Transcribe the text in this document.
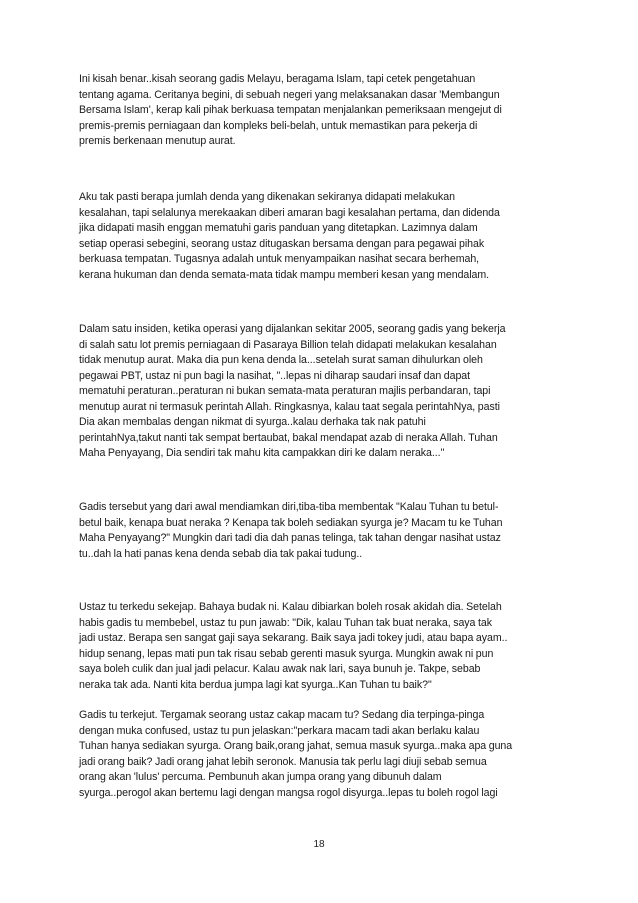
Ini kisah benar..kisah seorang gadis Melayu, beragama Islam, tapi cetek pengetahuan
tentang agama. Ceritanya begini, di sebuah negeri yang melaksanakan dasar 'Membangun
Bersama Islam', kerap kali pihak berkuasa tempatan menjalankan pemeriksaan mengejut di
premis-premis perniagaan dan kompleks beli-belah, untuk memastikan para pekerja di
premis berkenaan menutup aurat.

Aku tak pasti berapa jumlah denda yang dikenakan sekiranya didapati melakukan
kesalahan, tapi selalunya merekaakan diberi amaran bagi kesalahan pertama, dan didenda
jika didapati masih enggan mematuhi garis panduan yang ditetapkan. Lazimnya dalam
setiap operasi sebegini, seorang ustaz ditugaskan bersama dengan para pegawai pihak
berkuasa tempatan. Tugasnya adalah untuk menyampaikan nasihat secara berhemah,
kerana hukuman dan denda semata-mata tidak mampu memberi kesan yang mendalam.

Dalam satu insiden, ketika operasi yang dijalankan sekitar 2005, seorang gadis yang bekerja
di salah satu lot premis perniagaan di Pasaraya Billion telah didapati melakukan kesalahan
tidak menutup aurat. Maka dia pun kena denda la...setelah surat saman dihulurkan oleh
pegawai PBT, ustaz ni pun bagi la nasihat, "..lepas ni diharap saudari insaf dan dapat
mematuhi peraturan..peraturan ni bukan semata-mata peraturan majlis perbandaran, tapi
menutup aurat ni termasuk perintah Allah. Ringkasnya, kalau taat segala perintahNya, pasti
Dia akan membalas dengan nikmat di syurga..kalau derhaka tak nak patuhi
perintahNya,takut nanti tak sempat bertaubat, bakal mendapat azab di neraka Allah. Tuhan
Maha Penyayang, Dia sendiri tak mahu kita campakkan diri ke dalam neraka..."

Gadis tersebut yang dari awal mendiamkan diri,tiba-tiba membentak "Kalau Tuhan tu betul-
betul baik, kenapa buat neraka ? Kenapa tak boleh sediakan syurga je? Macam tu ke Tuhan
Maha Penyayang?" Mungkin dari tadi dia dah panas telinga, tak tahan dengar nasihat ustaz
tu..dah la hati panas kena denda sebab dia tak pakai tudung..

Ustaz tu terkedu sekejap. Bahaya budak ni. Kalau dibiarkan boleh rosak akidah dia. Setelah
habis gadis tu membebel, ustaz tu pun jawab: "Dik, kalau Tuhan tak buat neraka, saya tak
jadi ustaz. Berapa sen sangat gaji saya sekarang. Baik saya jadi tokey judi, atau bapa ayam..
hidup senang, lepas mati pun tak risau sebab gerenti masuk syurga. Mungkin awak ni pun
saya boleh culik dan jual jadi pelacur. Kalau awak nak lari, saya bunuh je. Takpe, sebab
neraka tak ada. Nanti kita berdua jumpa lagi kat syurga..Kan Tuhan tu baik?"

Gadis tu terkejut. Tergamak seorang ustaz cakap macam tu? Sedang dia terpinga-pinga
dengan muka confused, ustaz tu pun jelaskan:"perkara macam tadi akan berlaku kalau
Tuhan hanya sediakan syurga. Orang baik,orang jahat, semua masuk syurga..maka apa guna
jadi orang baik? Jadi orang jahat lebih seronok. Manusia tak perlu lagi diuji sebab semua
orang akan 'lulus' percuma. Pembunuh akan jumpa orang yang dibunuh dalam
syurga..perogol akan bertemu lagi dengan mangsa rogol disyurga..lepas tu boleh rogol lagi

18
